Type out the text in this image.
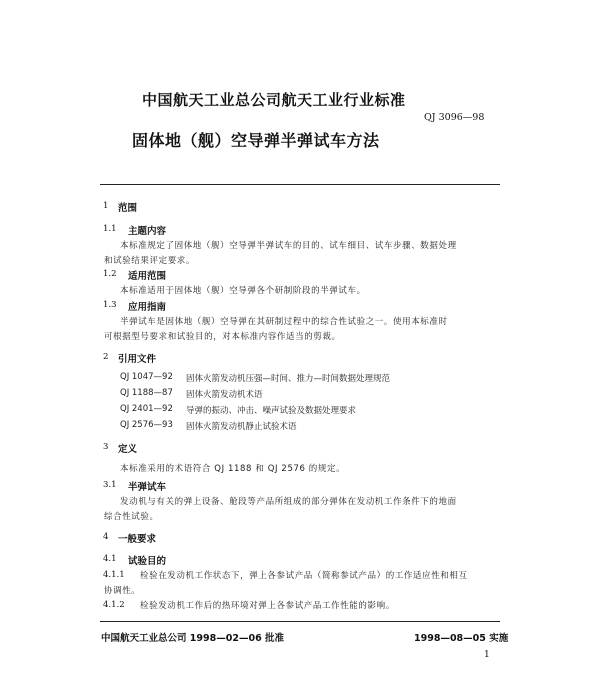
中国航天工业总公司航天工业行业标准
QJ 3096—98
固体地（舰）空导弹半弹试车方法
1 范围
1.1 主题内容
本标准规定了固体地（舰）空导弹半弹试车的目的、试车细目、试车步骤、数据处理
和试验结果评定要求。
1.2 适用范围
本标准适用于固体地（舰）空导弹各个研制阶段的半弹试车。
1.3 应用指南
半弹试车是固体地（舰）空导弹在其研制过程中的综合性试验之一。使用本标准时
可根据型号要求和试验目的，对本标准内容作适当的剪裁。
2 引用文件
QJ 1047—92 固体火箭发动机压强—时间、推力—时间数据处理规范
QJ 1188—87 固体火箭发动机术语
QJ 2401—92 导弹的振动、冲击、噪声试验及数据处理要求
QJ 2576—93 固体火箭发动机静止试验术语
3 定义
本标准采用的术语符合 QJ 1188 和 QJ 2576 的规定。
3.1 半弹试车
发动机与有关的弹上设备、舱段等产品所组成的部分弹体在发动机工作条件下的地面
综合性试验。
4 一般要求
4.1 试验目的
4.1.1 检验在发动机工作状态下，弹上各参试产品（简称参试产品）的工作适应性和相互
协调性。
4.1.2 检验发动机工作后的热环境对弹上各参试产品工作性能的影响。
中国航天工业总公司 1998—02—06 批准	1998—08—05 实施
1
